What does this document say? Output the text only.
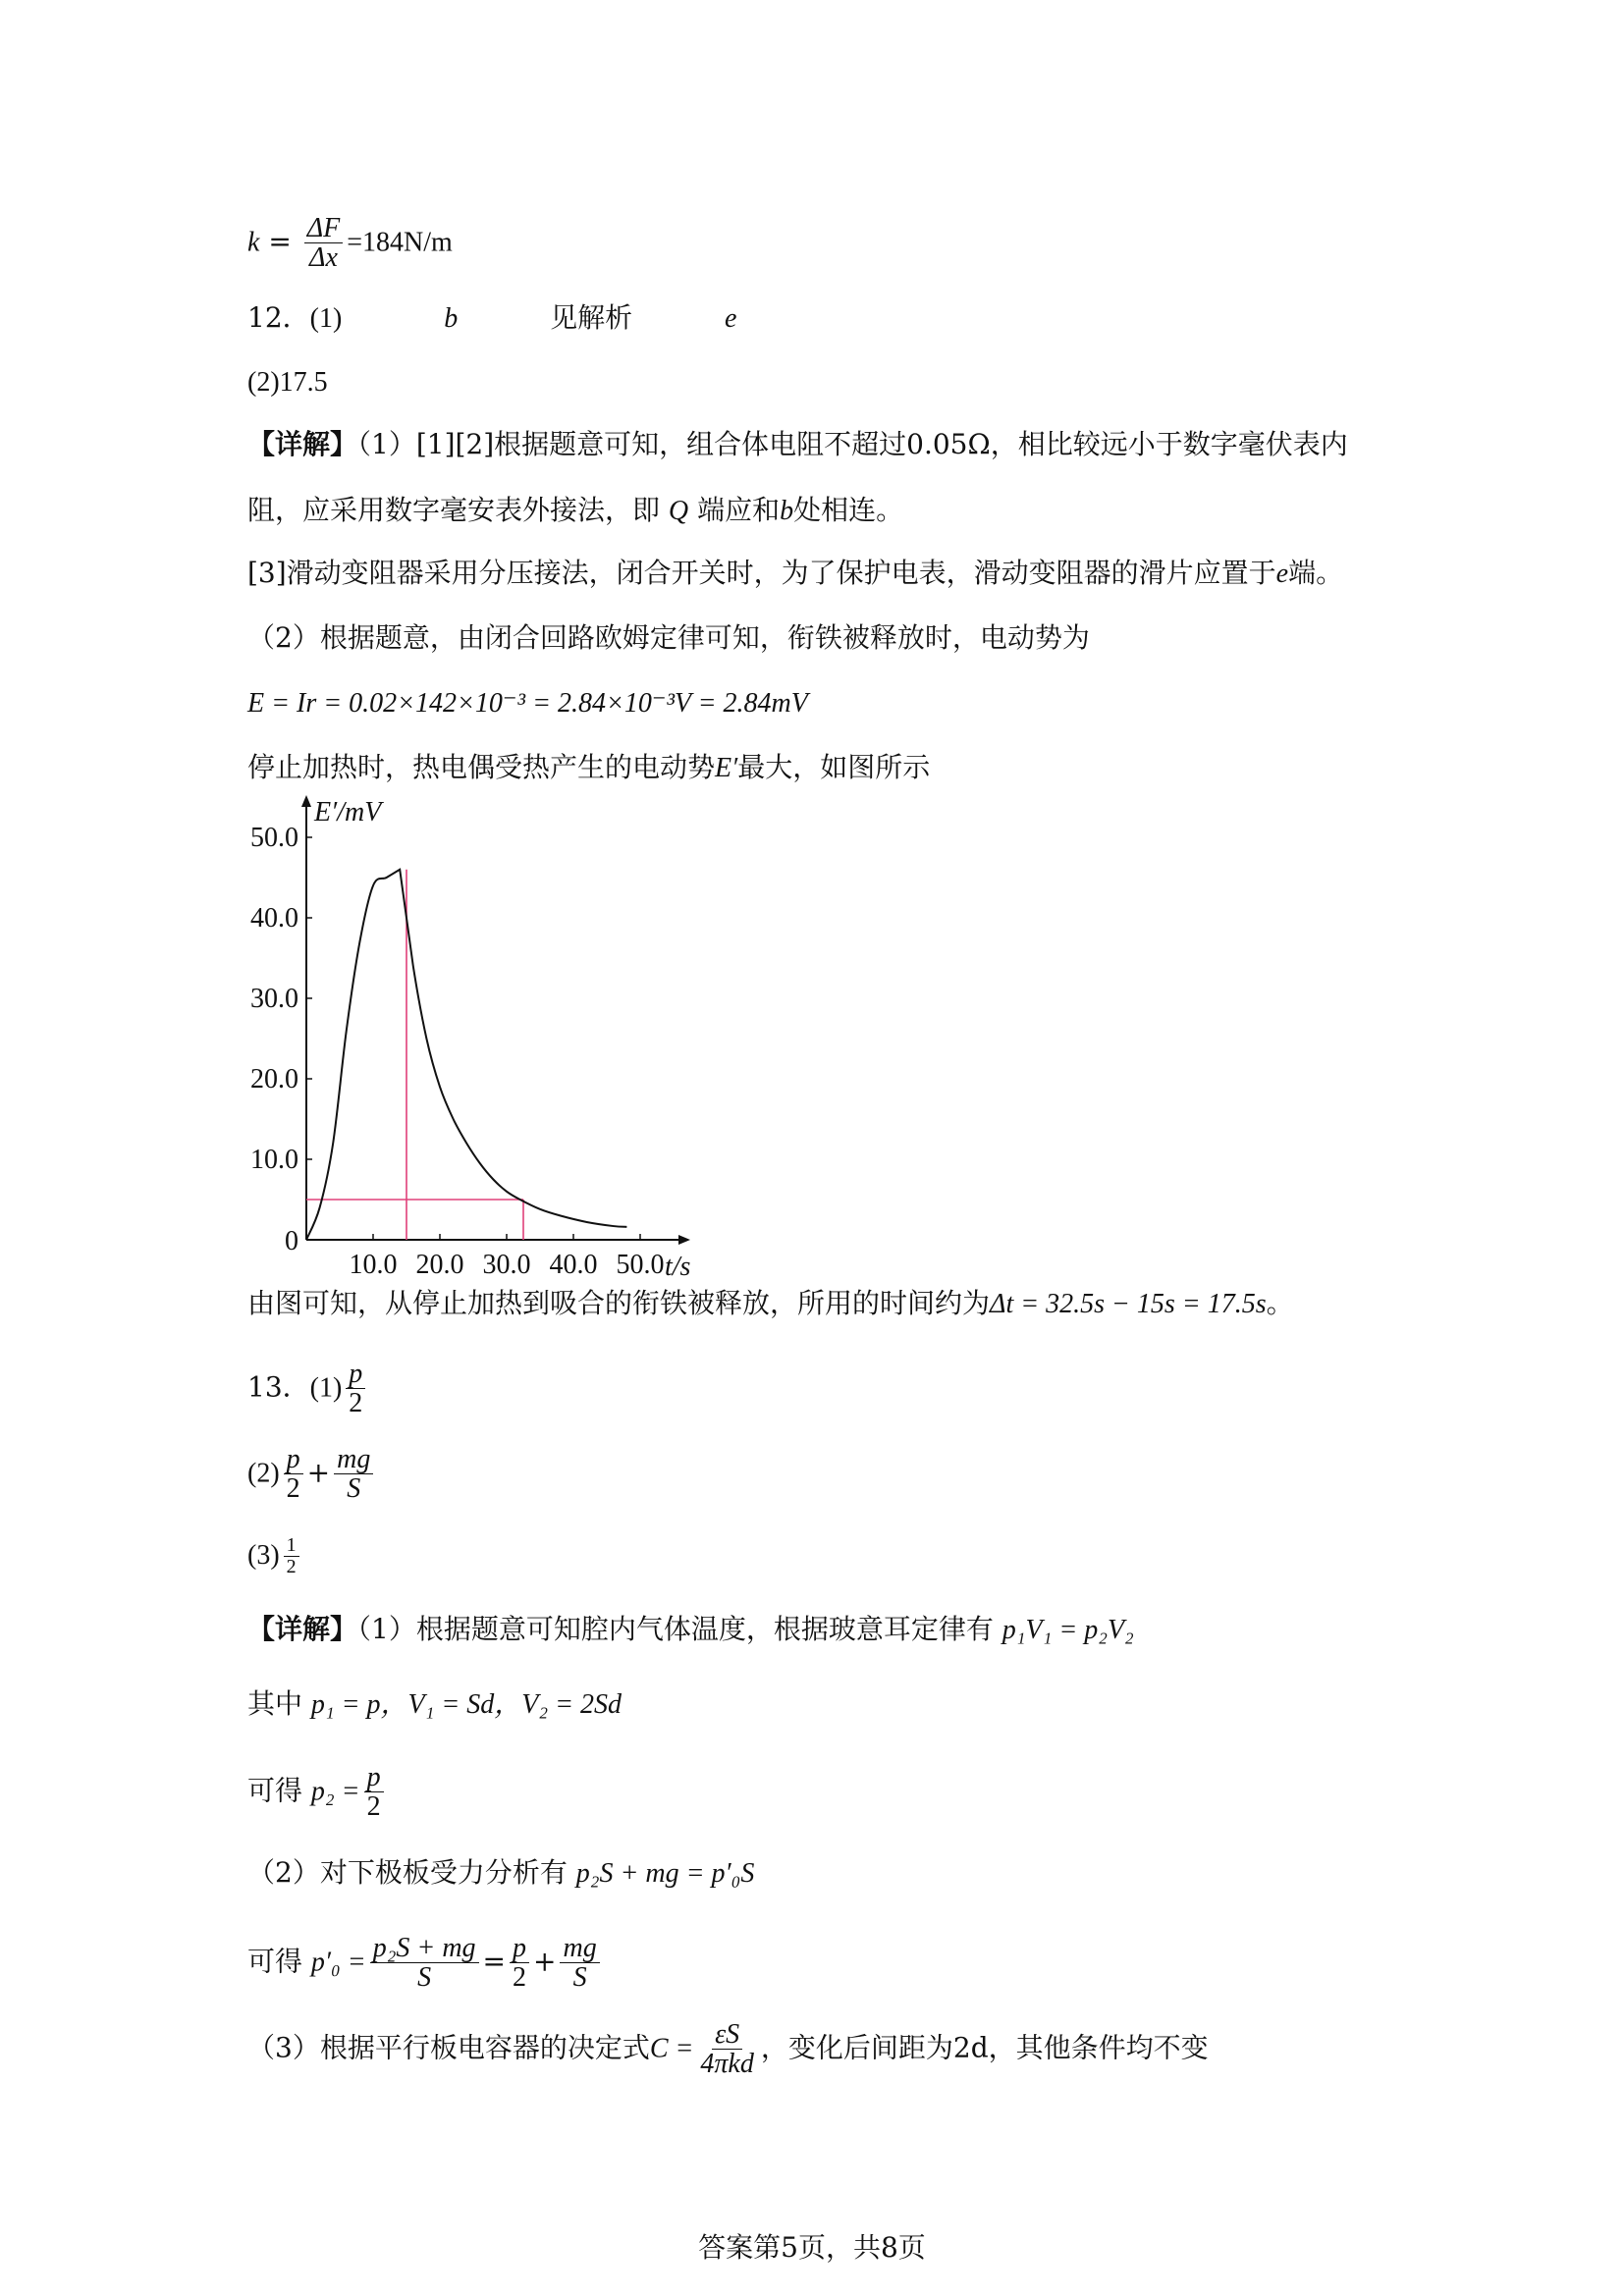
$k = \frac{\Delta F}{\Delta x} =184N/m$
12．(1)	b	见解析	e
(2)17.5
【详解】（1）[1][2]根据题意可知，组合体电阻不超过0.05Ω，相比较远小于数字毫伏表内
阻，应采用数字毫安表外接法，即 Q 端应和b处相连。
[3]滑动变阻器采用分压接法，闭合开关时，为了保护电表，滑动变阻器的滑片应置于e端。
（2）根据题意，由闭合回路欧姆定律可知，衔铁被释放时，电动势为
E = Ir = 0.02×142×10⁻³ = 2.84×10⁻³V = 2.84mV
停止加热时，热电偶受热产生的电动势E′最大，如图所示
E′/mV
t/s
0
10.0
20.0
30.0
40.0
50.0
10.0 20.0 30.0 40.0 50.0
由图可知，从停止加热到吸合的衔铁被释放，所用的时间约为Δt = 32.5s − 15s = 17.5s。
13．$(1) \frac{p}{2}$
$(2) \frac{p}{2} + \frac{mg}{S}$
$(3) \frac{1}{2}$
【详解】（1）根据题意可知腔内气体温度，根据玻意耳定律有 p₁V₁ = p₂V₂
其中 p₁ = p，V₁ = Sd，V₂ = 2Sd
可得 $p_2 = \frac{p}{2}$
（2）对下极板受力分析有 p₂S + mg = p′₀S
可得 $p'_0 = \frac{\text{p₂S + mg}}{S} = \frac{p}{2} + \frac{mg}{S}$
（3）根据平行板电容器的决定式$C = \frac{\varepsilon S}{\text{4πkd}}$ ，变化后间距为2d，其他条件均不变
答案第5页，共8页
